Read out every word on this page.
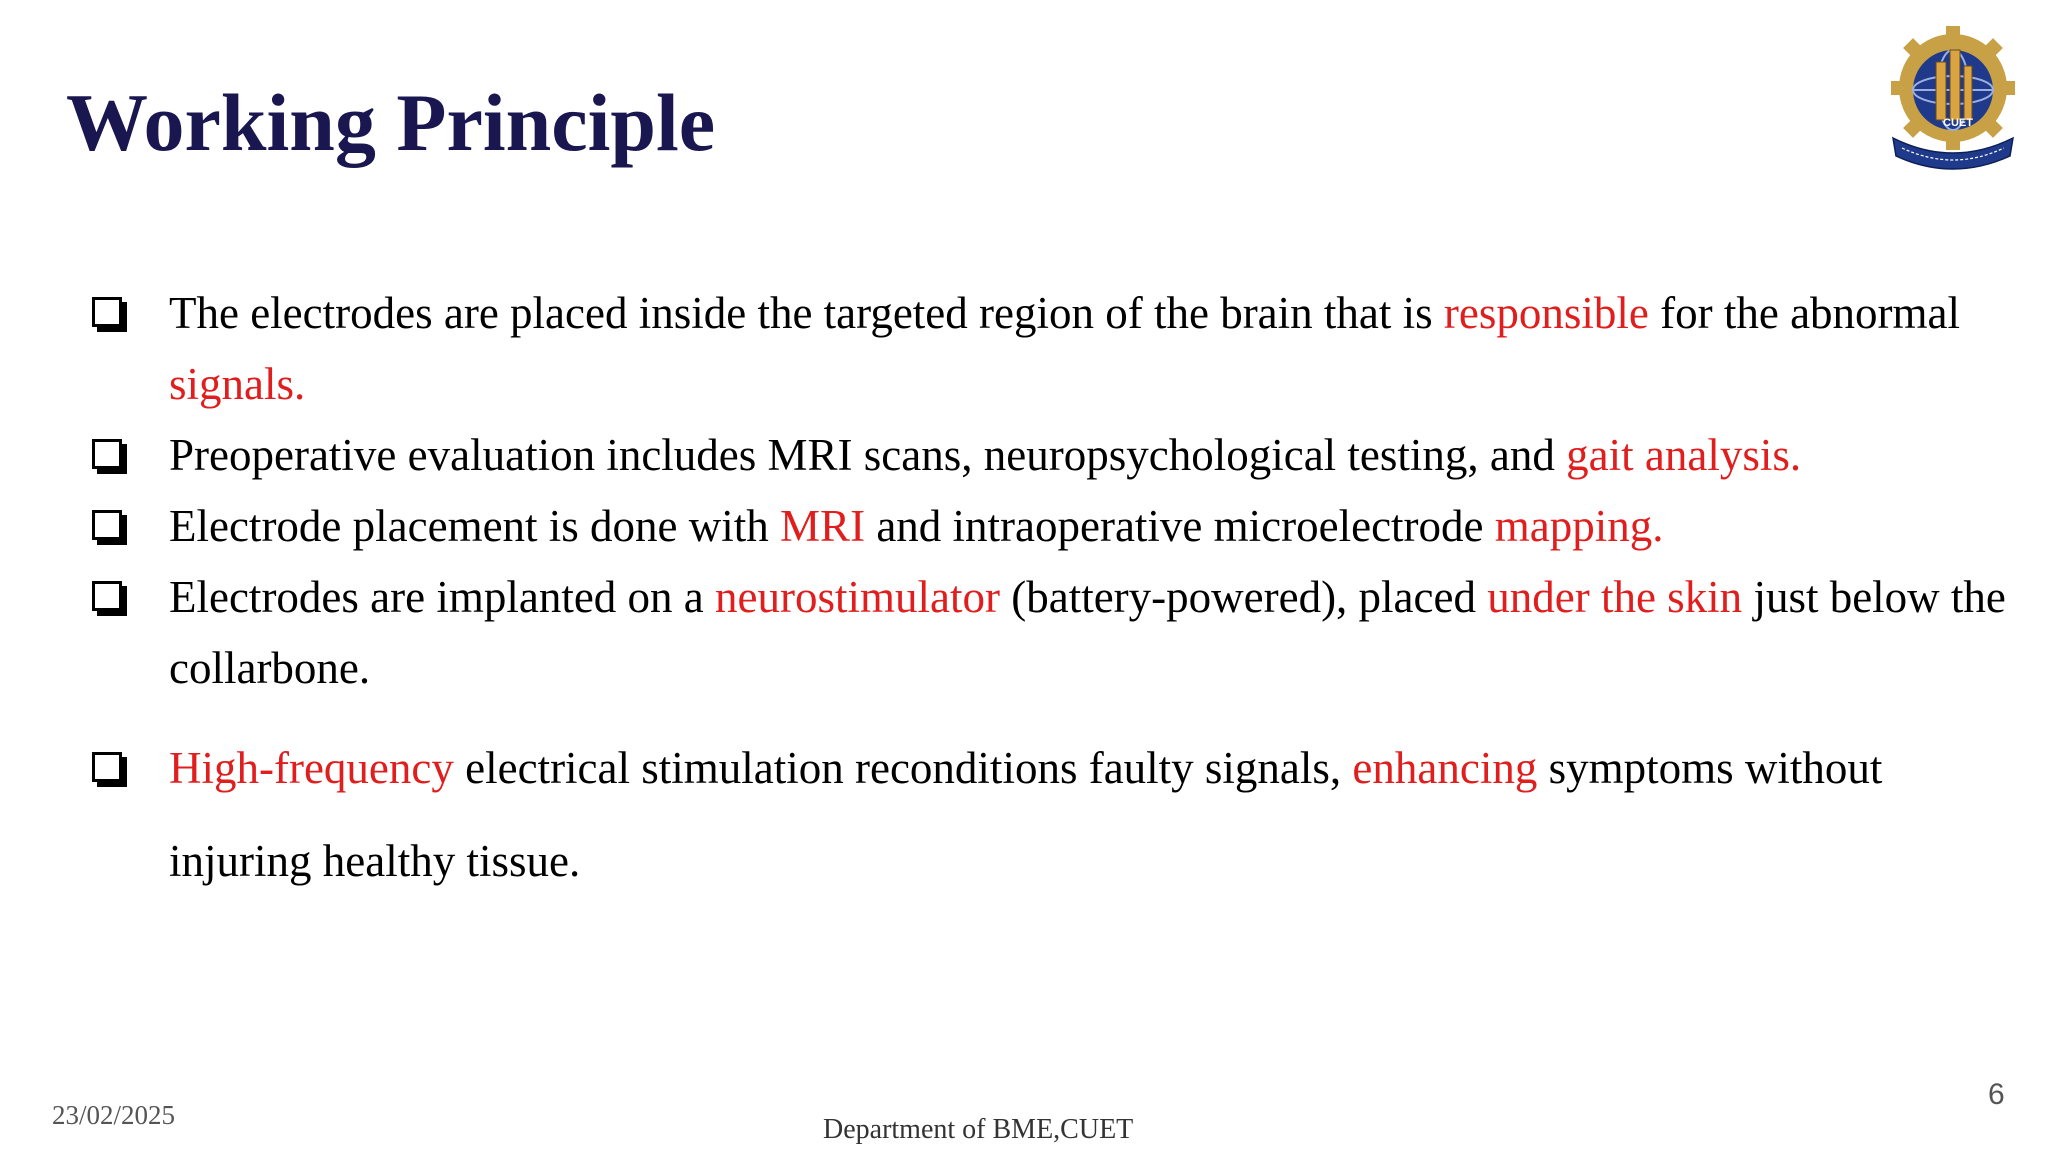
Working Principle	CUET
The electrodes are placed inside the targeted region of the brain that is responsible for the abnormal signals.
Preoperative evaluation includes MRI scans, neuropsychological testing, and gait analysis.
Electrode placement is done with MRI and intraoperative microelectrode mapping.
Electrodes are implanted on a neurostimulator (battery-powered), placed under the skin just below the collarbone.
High-frequency electrical stimulation reconditions faulty signals, enhancing symptoms without injuring healthy tissue.
23/02/2025	Department of BME,CUET
6
